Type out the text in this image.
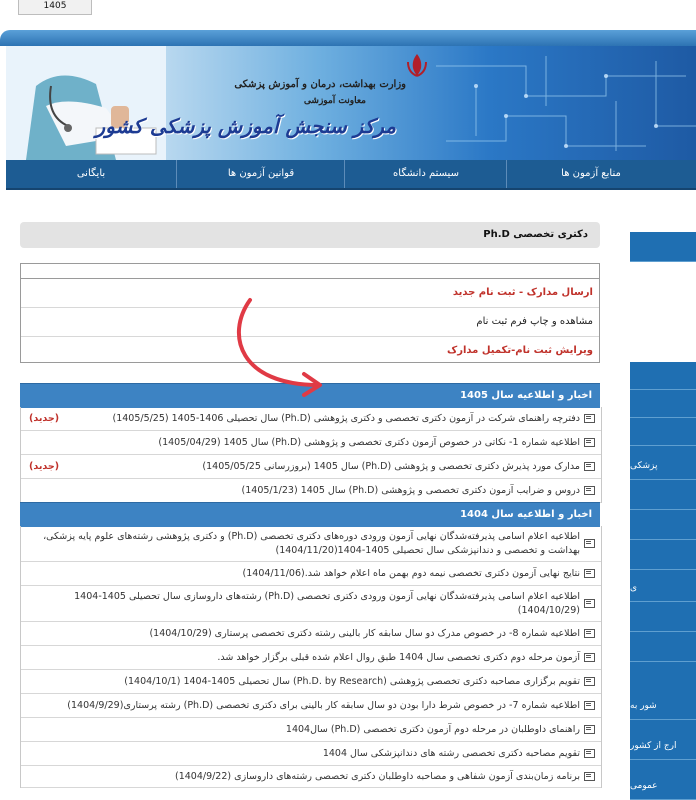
1405
وزارت بهداشت، درمان و آموزش پزشکی
معاونت آموزشی
مرکز سنجش آموزش پزشکی کشور
منابع آزمون ها
سیستم دانشگاه
قوانین آزمون ها
بایگانی
پزشکی
ی
شور به
ارج از کشور
عمومی
دکتری تخصصی Ph.D
ارسال مدارک - ثبت نام جدید
مشاهده و چاپ فرم ثبت نام
ویرایش ثبت نام-تکمیل مدارک
اخبار و اطلاعیه سال 1405
دفترچه راهنمای شرکت در آزمون دکتری تخصصی و دکتری پژوهشی (Ph.D) سال تحصیلی 1406-1405 (1405/5/25)
(جدید)
اطلاعیه شماره 1- نکاتی در خصوص آزمون دکتری تخصصی و پژوهشی (Ph.D) سال 1405 (1405/04/29)
مدارک مورد پذیرش دکتری تخصصی و پژوهشی (Ph.D) سال 1405 (بروزرسانی 1405/05/25)
(جدید)
دروس و ضرایب آزمون دکتری تخصصی و پژوهشی (Ph.D) سال 1405 (1405/1/23)
اخبار و اطلاعیه سال 1404
اطلاعیه اعلام اسامی پذیرفته‌شدگان نهایی آزمون ورودی دوره‌های دکتری تخصصی (Ph.D) و دکتری پژوهشی رشته‌های علوم پایه پزشکی، بهداشت و تخصصی و دندانپزشکی سال تحصیلی 1405-1404(1404/11/20)
نتایج نهایی آزمون دکتری تخصصی نیمه دوم بهمن ماه اعلام خواهد شد.(1404/11/06)
اطلاعیه اعلام اسامی پذیرفته‌شدگان نهایی آزمون ورودی دکتری تخصصی (Ph.D) رشته‌های داروسازی سال تحصیلی 1405-1404 (1404/10/29)
اطلاعیه شماره 8- در خصوص مدرک دو سال سابقه کار بالینی رشته دکتری تخصصی پرستاری (1404/10/29)
آزمون مرحله دوم دکتری تخصصی سال 1404 طبق روال اعلام شده قبلی برگزار خواهد شد.
تقویم برگزاری مصاحبه دکتری تخصصی پژوهشی (Ph.D. by Research) سال تحصیلی 1405-1404 (1404/10/1)
اطلاعیه شماره 7- در خصوص شرط دارا بودن دو سال سابقه کار بالینی برای دکتری تخصصی (Ph.D) رشته پرستاری(1404/9/29)
راهنمای داوطلبان در مرحله دوم آزمون دکتری تخصصی (Ph.D) سال1404
تقویم مصاحبه دکتری تخصصی رشته های دندانپزشکی سال 1404
برنامه زمان‌بندی آزمون شفاهی و مصاحبه داوطلبان دکتری تخصصی رشته‌های داروسازی (1404/9/22)
